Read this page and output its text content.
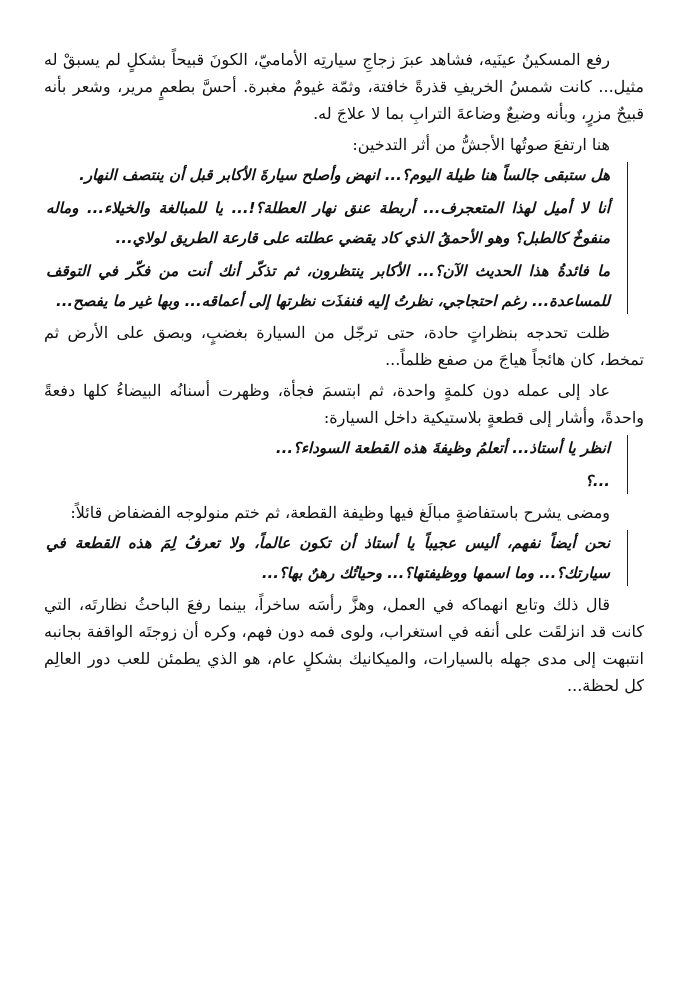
رفع المسكينُ عينَيه، فشاهد عبرَ زجاجِ سيارتِه الأماميّ، الكونَ قبيحاً بشكلٍ لم يسبقْ له مثيل... كانت شمسُ الخريفِ قذرةً خافتة، وثمّة غيومٌ مغبرة. أحسَّ بطعمٍ مرير، وشعر بأنه قبيحٌ مزرٍ، وبأنه وضيعٌ وضاعةَ الترابِ بما لا علاجَ له.

هنا ارتفعَ صوتُها الأجشُّ من أثر التدخين:

هل ستبقى جالساً هنا طيلة اليوم؟... انهض وأصلح سيارةَ الأكابر قبل أن ينتصف النهار.

أنا لا أميل لهذا المتعجرف... أربطة عنق نهار العطلة؟!... يا للمبالغة والخيلاء... وماله منفوخٌ كالطبل؟ وهو الأحمقُ الذي كاد يقضي عطلته على قارعة الطريق لولاي...

ما فائدةُ هذا الحديث الآن؟... الأكابر ينتظرون، ثم تذكّر أنك أنت من فكّر في التوقف للمساعدة... رغم احتجاجي، نظرتُ إليه فنفذَت نظرتها إلى أعماقه... وبها غير ما يفصح...

ظلت تحدجه بنظراتٍ حادة، حتى ترجّل من السيارة بغضبٍ، وبصق على الأرض ثم تمخط، كان هائجاً هياجَ من صفع ظلماً...

عاد إلى عمله دون كلمةٍ واحدة، ثم ابتسمَ فجأة، وظهرت أسنانُه البيضاءُ كلها دفعةً واحدةً، وأشار إلى قطعةٍ بلاستيكية داخل السيارة:

انظر يا أستاذ... أتعلمُ وظيفةَ هذه القطعة السوداء؟...

...؟

ومضى يشرح باستفاضةٍ مبالَغ فيها وظيفة القطعة، ثم ختم منولوجه الفضفاض قائلاً:

نحن أيضاً نفهم، أليس عجيباً يا أستاذ أن تكون عالماً، ولا تعرفُ لِمَ هذه القطعة في سيارتك؟... وما اسمها ووظيفتها؟... وحياتُك رهنٌ بها؟...

قال ذلك وتابع انهماكه في العمل، وهزَّ رأسَه ساخراً، بينما رفعَ الباحثُ نظارتَه، التي كانت قد انزلقَت على أنفه في استغراب، ولوى فمه دون فهم، وكره أن زوجتَه الواقفة بجانبه انتبهت إلى مدى جهله بالسيارات، والميكانيك بشكلٍ عام، هو الذي يطمئن للعب دور العالِم كل لحظة...
